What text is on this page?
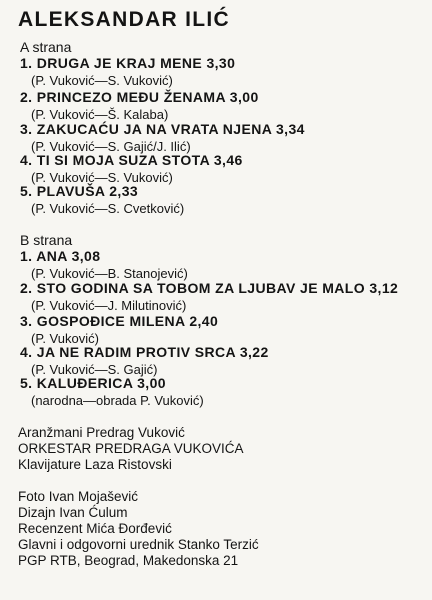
ALEKSANDAR ILIĆ
A strana
1. DRUGA JE KRAJ MENE 3,30
(P. Vuković—S. Vuković)
2. PRINCEZO MEĐU ŽENAMA 3,00
(P. Vuković—Š. Kalaba)
3. ZAKUCAĆU JA NA VRATA NJENA 3,34
(P. Vuković—S. Gajić/J. Ilić)
4. TI SI MOJA SUZA STOTA 3,46
(P. Vuković—S. Vuković)
5. PLAVUŠA 2,33
(P. Vuković—S. Cvetković)
B strana
1. ANA 3,08
(P. Vuković—B. Stanojević)
2. STO GODINA SA TOBOM ZA LJUBAV JE MALO 3,12
(P. Vuković—J. Milutinović)
3. GOSPOĐICE MILENA 2,40
(P. Vuković)
4. JA NE RADIM PROTIV SRCA 3,22
(P. Vuković—S. Gajić)
5. KALUĐERICA 3,00
(narodna—obrada P. Vuković)
Aranžmani Predrag Vuković
ORKESTAR PREDRAGA VUKOVIĆA
Klavijature Laza Ristovski
Foto Ivan Mojašević
Dizajn Ivan Ćulum
Recenzent Mića Đorđević
Glavni i odgovorni urednik Stanko Terzić
PGP RTB, Beograd, Makedonska 21
